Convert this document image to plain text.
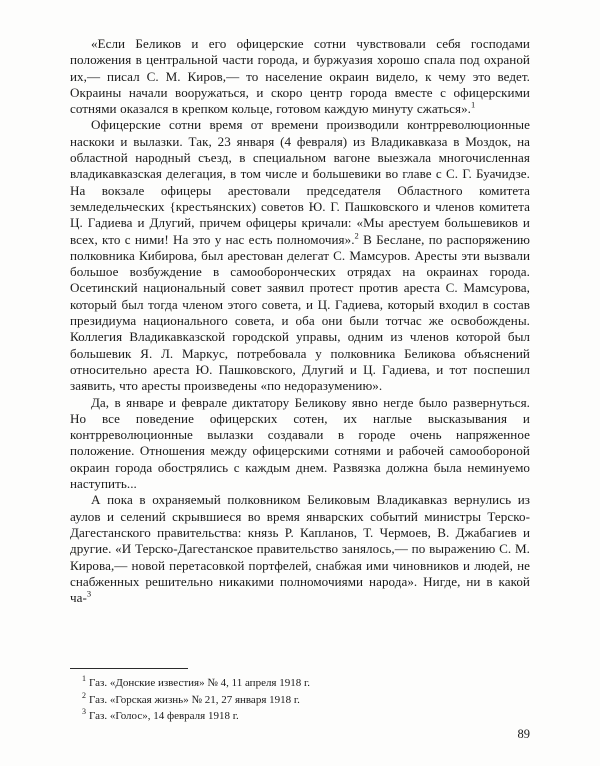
«Если Беликов и его офицерские сотни чувствовали себя господами положения в центральной части города, и буржуазия хорошо спала под охраной их,— писал С. М. Киров,— то население окраин видело, к чему это ведет. Окраины начали вооружаться, и скоро центр города вместе с офицерскими сотнями оказался в крепком кольце, готовом каждую минуту сжаться».$^1$

Офицерские сотни время от времени производили контрреволюционные наскоки и вылазки. Так, 23 января (4 февраля) из Владикавказа в Моздок, на областной народный съезд, в специальном вагоне выезжала многочисленная владикавказская делегация, в том числе и большевики во главе с С. Г. Буачидзе. На вокзале офицеры арестовали председателя Областного комитета земледельческих {крестьянских) советов Ю. Г. Пашковского и членов комитета Ц. Гадиева и Длугий, причем офицеры кричали: «Мы арестуем большевиков и всех, кто с ними! На это у нас есть полномочия».$^2$ В Беслане, по распоряжению полковника Кибирова, был арестован делегат С. Мамсуров. Аресты эти вызвали большое возбуждение в самооборонческих отрядах на окраинах города. Осетинский национальный совет заявил протест против ареста С. Мамсурова, который был тогда членом этого совета, и Ц. Гадиева, который входил в состав президиума национального совета, и оба они были тотчас же освобождены. Коллегия Владикавказской городской управы, одним из членов которой был большевик Я. Л. Маркус, потребовала у полковника Беликова объяснений относительно ареста Ю. Пашковского, Длугий и Ц. Гадиева, и тот поспешил заявить, что аресты произведены «по недоразумению».

Да, в январе и феврале диктатору Беликову явно негде было развернуться. Но все поведение офицерских сотен, их наглые высказывания и контрреволюционные вылазки создавали в городе очень напряженное положение. Отношения между офицерскими сотнями и рабочей самообороной окраин города обострялись с каждым днем. Развязка должна была неминуемо наступить...

А пока в охраняемый полковником Беликовым Владикавказ вернулись из аулов и селений скрывшиеся во время январских событий министры Терско-Дагестанского правительства: князь Р. Капланов, Т. Чермоев, В. Джабагиев и другие. «И Терско-Дагестанское правительство занялось,— по выражению С. М. Кирова,— новой перетасовкой портфелей, снабжая ими чиновников и людей, не снабженных решительно никакими полномочиями народа». Нигде, ни в какой ча-$^3$

$^1$ Газ. «Донские известия» № 4, 11 апреля 1918 г.

$^2$ Газ. «Горская жизнь» № 21, 27 января 1918 г.

$^3$ Газ. «Голос», 14 февраля 1918 г.

89
